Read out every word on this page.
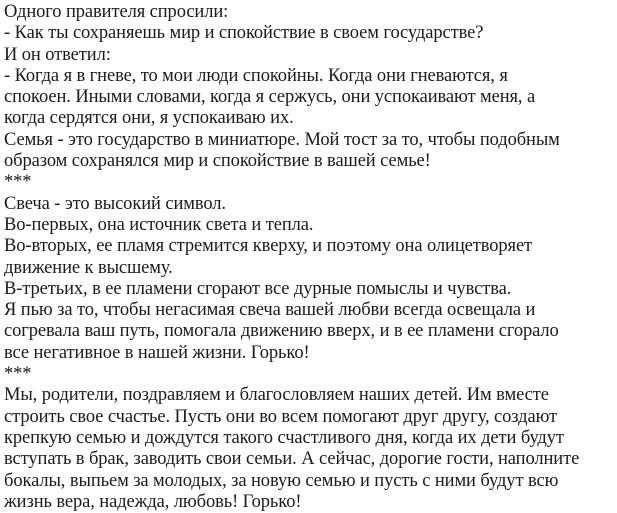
Одного правителя спросили:
- Как ты сохраняешь мир и спокойствие в своем государстве?
И он ответил:
- Когда я в гневе, то мои люди спокойны. Когда они гневаются, я
спокоен. Иными словами, когда я сержусь, они успокаивают меня, а
когда сердятся они, я успокаиваю их.
Семья - это государство в миниатюре. Мой тост за то, чтобы подобным
образом сохранялся мир и спокойствие в вашей семье!
***
Свеча - это высокий символ.
Во-первых, она источник света и тепла.
Во-вторых, ее пламя стремится кверху, и поэтому она олицетворяет
движение к высшему.
В-третьих, в ее пламени сгорают все дурные помыслы и чувства.
Я пью за то, чтобы негасимая свеча вашей любви всегда освещала и
согревала ваш путь, помогала движению вверх, и в ее пламени сгорало
все негативное в нашей жизни. Горько!
***
Мы, родители, поздравляем и благословляем наших детей. Им вместе
строить свое счастье. Пусть они во всем помогают друг другу, создают
крепкую семью и дождутся такого счастливого дня, когда их дети будут
вступать в брак, заводить свои семьи. А сейчас, дорогие гости, наполните
бокалы, выпьем за молодых, за новую семью и пусть с ними будут всю
жизнь вера, надежда, любовь! Горько!
